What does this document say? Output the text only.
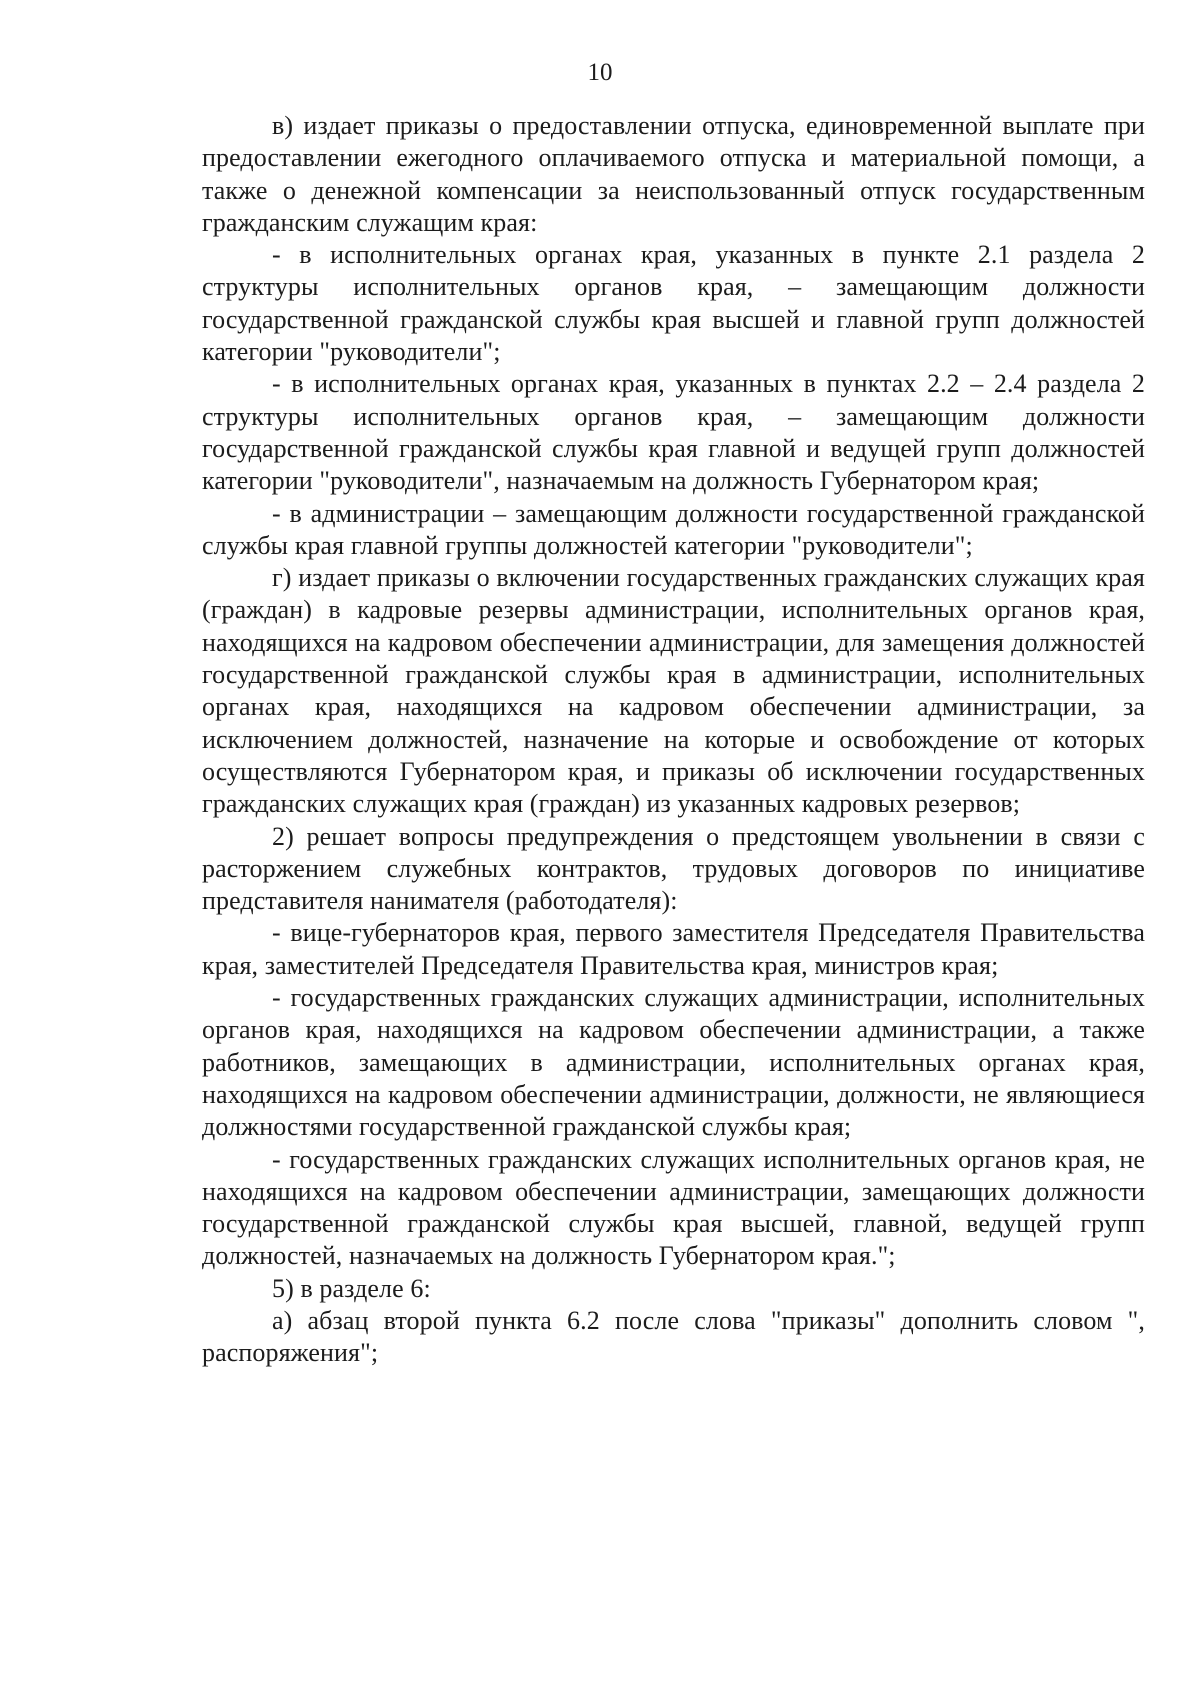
10

в) издает приказы о предоставлении отпуска, единовременной выплате при предоставлении ежегодного оплачиваемого отпуска и материальной помощи, а также о денежной компенсации за неиспользованный отпуск государственным гражданским служащим края:

- в исполнительных органах края, указанных в пункте 2.1 раздела 2 структуры исполнительных органов края, – замещающим должности государственной гражданской службы края высшей и главной групп должностей категории "руководители";

- в исполнительных органах края, указанных в пунктах 2.2 – 2.4 раздела 2 структуры исполнительных органов края, – замещающим должности государственной гражданской службы края главной и ведущей групп должностей категории "руководители", назначаемым на должность Губернатором края;

- в администрации – замещающим должности государственной гражданской службы края главной группы должностей категории "руководители";

г) издает приказы о включении государственных гражданских служащих края (граждан) в кадровые резервы администрации, исполнительных органов края, находящихся на кадровом обеспечении администрации, для замещения должностей государственной гражданской службы края в администрации, исполнительных органах края, находящихся на кадровом обеспечении администрации, за исключением должностей, назначение на которые и освобождение от которых осуществляются Губернатором края, и приказы об исключении государственных гражданских служащих края (граждан) из указанных кадровых резервов;

2) решает вопросы предупреждения о предстоящем увольнении в связи с расторжением служебных контрактов, трудовых договоров по инициативе представителя нанимателя (работодателя):

- вице-губернаторов края, первого заместителя Председателя Правительства края, заместителей Председателя Правительства края, министров края;

- государственных гражданских служащих администрации, исполнительных органов края, находящихся на кадровом обеспечении администрации, а также работников, замещающих в администрации, исполнительных органах края, находящихся на кадровом обеспечении администрации, должности, не являющиеся должностями государственной гражданской службы края;

- государственных гражданских служащих исполнительных органов края, не находящихся на кадровом обеспечении администрации, замещающих должности государственной гражданской службы края высшей, главной, ведущей групп должностей, назначаемых на должность Губернатором края.";

5) в разделе 6:

а) абзац второй пункта 6.2 после слова "приказы" дополнить словом ", распоряжения";
